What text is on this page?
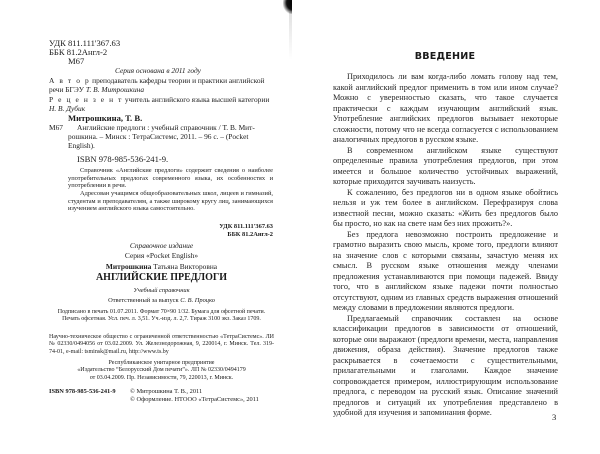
УДК 811.111'367.63
ББК 81.2Англ-2
М67
Серия основана в 2011 году
А в т о р преподаватель кафедры теории и практики английской речи БГЭУ Т. В. Митрошкина
Р е ц е н з е н т учитель английского языка высшей категории Н. В. Дубик
Митрошкина, Т. В.
М67 Английские предлоги : учебный справочник / Т. В. Мит-
рошкина. – Минск : ТетраСистемс, 2011. – 96 с. – (Pocket
English).
ISBN 978-985-536-241-9.
Справочник «Английские предлоги» содержит сведения о наиболее употребительных предлогах современного языка, их особенностях и употреблении в речи.
Адресован учащимся общеобразовательных школ, лицеев и гимназий, студентам и преподавателям, а также широкому кругу лиц, занимающихся изучением английского языка самостоятельно.
УДК 811.111'367.63
ББК 81.2Англ-2
Справочное издание
Серия «Pocket English»
Митрошкина Татьяна Викторовна
АНГЛИЙСКИЕ ПРЕДЛОГИ
Учебный справочник
Ответственный за выпуск С. В. Процко
Подписано в печать 01.07.2011. Формат 70×90 1/32. Бумага для офсетной печати. Печать офсетная. Усл. печ. л. 3,51. Уч.-изд. л. 2,7. Тираж 3100 экз. Заказ 1709.
Научно-техническое общество с ограниченной ответственностью «ТетраСистемс». ЛИ № 02330/0494056 от 03.02.2009. Ул. Железнодорожная, 9, 220014, г. Минск. Тел. 319-74-01, e-mail: tsminsk@mail.ru, http://www.ts.by
Республиканское унитарное предприятие
«Издательство “Белорусский Дом печати”». ЛП № 02330/0494179
от 03.04.2009. Пр. Независимости, 79, 220013, г. Минск.
ISBN 978-985-536-241-9 © Митрошкина Т. В., 2011
© Оформление. НТООО «ТетраСистемс», 2011
ВВЕДЕНИЕ

Приходилось ли вам когда-либо ломать голову над тем, какой английский предлог применить в том или ином случае? Можно с уверенностью сказать, что такое случается практически с каждым изучающим английский язык. Употребление английских предлогов вызывает некоторые сложности, потому что не всегда согласуется с использованием аналогичных предлогов в русском языке.

В современном английском языке существуют определенные правила употребления предлогов, при этом имеется и большое количество устойчивых выражений, которые приходится заучивать наизусть.

К сожалению, без предлогов ни в одном языке обойтись нельзя и уж тем более в английском. Перефразируя слова известной песни, можно сказать: «Жить без предлогов было бы просто, но как на свете нам без них прожить?».

Без предлога невозможно построить предложение и грамотно выразить свою мысль, кроме того, предлоги влияют на значение слов с которыми связаны, зачастую меняя их смысл. В русском языке отношения между членами предложения устанавливаются при помощи падежей. Ввиду того, что в английском языке падежи почти полностью отсутствуют, одним из главных средств выражения отношений между словами в предложении являются предлоги.

Предлагаемый справочник составлен на основе классификации предлогов в зависимости от отношений, которые они выражают (предлоги времени, места, направления движения, образа действия). Значение предлогов также раскрывается в сочетаемости с существительными, прилагательными и глаголами. Каждое значение сопровождается примером, иллюстрирующим использование предлога, с переводом на русский язык. Описание значений предлогов и ситуаций их употребления представлено в удобной для изучения и запоминания форме.	3
